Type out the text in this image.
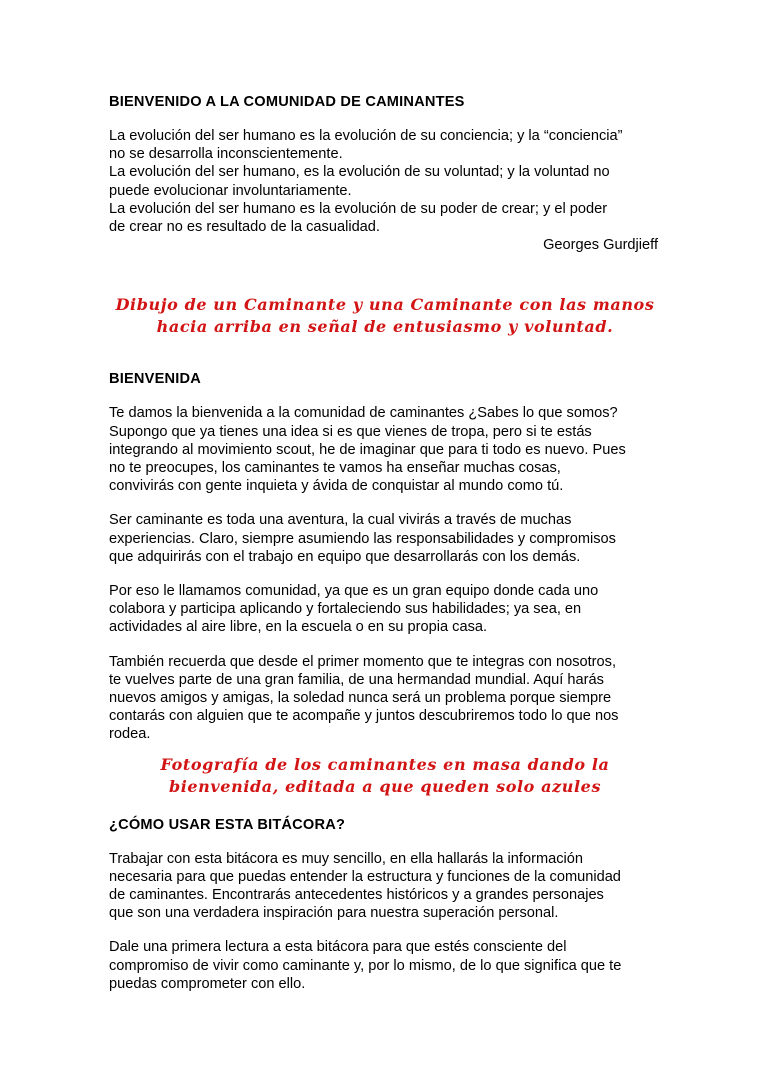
BIENVENIDO A LA COMUNIDAD DE CAMINANTES
La evolución del ser humano es la evolución de su conciencia; y la “conciencia”
no se desarrolla inconscientemente.
La evolución del ser humano, es la evolución de su voluntad; y la voluntad no
puede evolucionar involuntariamente.
La evolución del ser humano es la evolución de su poder de crear; y el poder
de crear no es resultado de la casualidad.
Georges Gurdjieff
Dibujo de un Caminante y una Caminante con las manos
hacia arriba en señal de entusiasmo y voluntad.
BIENVENIDA
Te damos la bienvenida a la comunidad de caminantes ¿Sabes lo que somos?
Supongo que ya tienes una idea si es que vienes de tropa, pero si te estás
integrando al movimiento scout, he de imaginar que para ti todo es nuevo. Pues
no te preocupes, los caminantes te vamos ha enseñar muchas cosas,
convivirás con gente inquieta y ávida de conquistar al mundo como tú.
Ser caminante es toda una aventura, la cual vivirás a través de muchas
experiencias. Claro, siempre asumiendo las responsabilidades y compromisos
que adquirirás con el trabajo en equipo que desarrollarás con los demás.
Por eso le llamamos comunidad, ya que es un gran equipo donde cada uno
colabora y participa aplicando y fortaleciendo sus habilidades; ya sea, en
actividades al aire libre, en la escuela o en su propia casa.
También recuerda que desde el primer momento que te integras con nosotros,
te vuelves parte de una gran familia, de una hermandad mundial. Aquí harás
nuevos amigos y amigas, la soledad nunca será un problema porque siempre
contarás con alguien que te acompañe y juntos descubriremos todo lo que nos
rodea.
Fotografía de los caminantes en masa dando la
bienvenida, editada a que queden solo azules
¿CÓMO USAR ESTA BITÁCORA?
Trabajar con esta bitácora es muy sencillo, en ella hallarás la información
necesaria para que puedas entender la estructura y funciones de la comunidad
de caminantes. Encontrarás antecedentes históricos y a grandes personajes
que son una verdadera inspiración para nuestra superación personal.
Dale una primera lectura a esta bitácora para que estés consciente del
compromiso de vivir como caminante y, por lo mismo, de lo que significa que te
puedas comprometer con ello.
